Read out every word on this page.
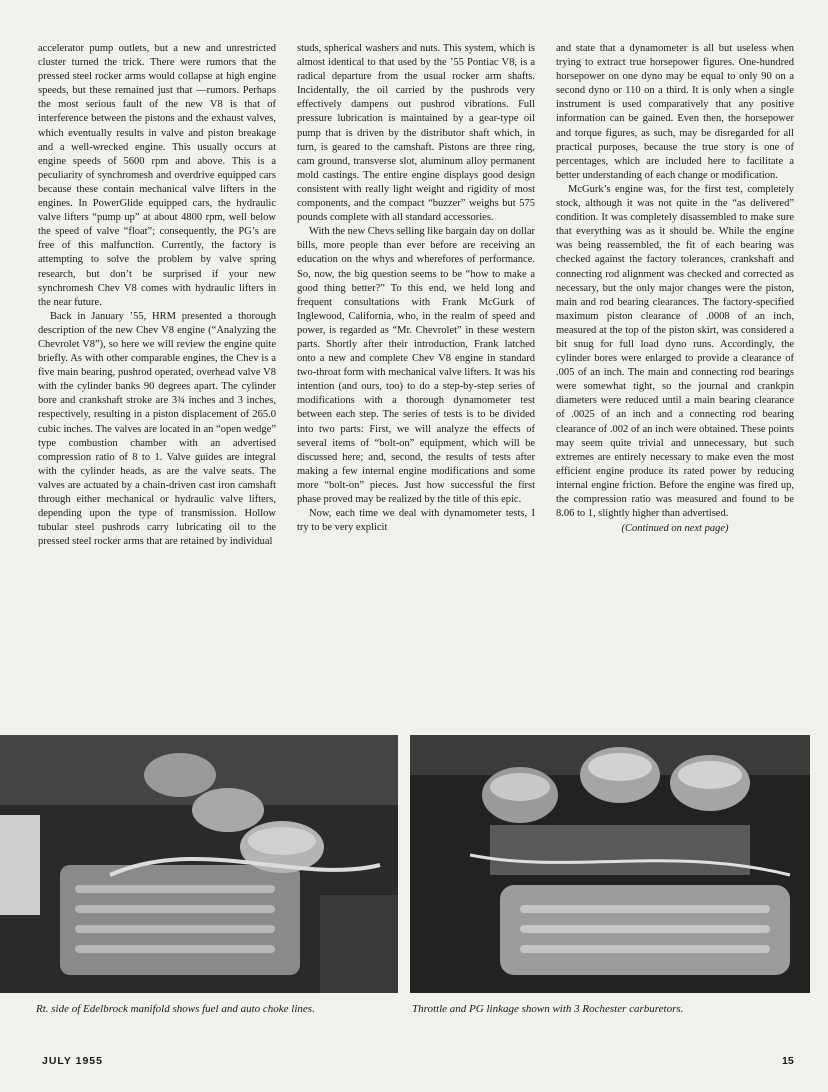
accelerator pump outlets, but a new and unrestricted cluster turned the trick. There were rumors that the pressed steel rocker arms would collapse at high engine speeds, but these remained just that —rumors. Perhaps the most serious fault of the new V8 is that of interference between the pistons and the exhaust valves, which eventually results in valve and piston breakage and a well-wrecked engine. This usually occurs at engine speeds of 5600 rpm and above. This is a peculiarity of synchromesh and overdrive equipped cars because these contain mechanical valve lifters in the engines. In PowerGlide equipped cars, the hydraulic valve lifters “pump up” at about 4800 rpm, well below the speed of valve “float”; consequently, the PG’s are free of this malfunction. Currently, the factory is attempting to solve the problem by valve spring research, but don’t be surprised if your new synchromesh Chev V8 comes with hydraulic lifters in the near future.

Back in January ’55, HRM presented a thorough description of the new Chev V8 engine (“Analyzing the Chevrolet V8”), so here we will review the engine quite briefly. As with other comparable engines, the Chev is a five main bearing, pushrod operated, overhead valve V8 with the cylinder banks 90 degrees apart. The cylinder bore and crankshaft stroke are 3¾ inches and 3 inches, respectively, resulting in a piston displacement of 265.0 cubic inches. The valves are located in an “open wedge” type combustion chamber with an advertised compression ratio of 8 to 1. Valve guides are integral with the cylinder heads, as are the valve seats. The valves are actuated by a chain-driven cast iron camshaft through either mechanical or hydraulic valve lifters, depending upon the type of transmission. Hollow tubular steel pushrods carry lubricating oil to the pressed steel rocker arms that are retained by individual

studs, spherical washers and nuts. This system, which is almost identical to that used by the ’55 Pontiac V8, is a radical departure from the usual rocker arm shafts. Incidentally, the oil carried by the pushrods very effectively dampens out pushrod vibrations. Full pressure lubrication is maintained by a gear-type oil pump that is driven by the distributor shaft which, in turn, is geared to the camshaft. Pistons are three ring, cam ground, transverse slot, aluminum alloy permanent mold castings. The entire engine displays good design consistent with really light weight and rigidity of most components, and the compact “buzzer” weighs but 575 pounds complete with all standard accessories.

With the new Chevs selling like bargain day on dollar bills, more people than ever before are receiving an education on the whys and wherefores of performance. So, now, the big question seems to be “how to make a good thing better?” To this end, we held long and frequent consultations with Frank McGurk of Inglewood, California, who, in the realm of speed and power, is regarded as “Mr. Chevrolet” in these western parts. Shortly after their introduction, Frank latched onto a new and complete Chev V8 engine in standard two-throat form with mechanical valve lifters. It was his intention (and ours, too) to do a step-by-step series of modifications with a thorough dynamometer test between each step. The series of tests is to be divided into two parts: First, we will analyze the effects of several items of “bolt-on” equipment, which will be discussed here; and, second, the results of tests after making a few internal engine modifications and some more “bolt-on” pieces. Just how successful the first phase proved may be realized by the title of this epic.

Now, each time we deal with dynamometer tests, I try to be very explicit

and state that a dynamometer is all but useless when trying to extract true horsepower figures. One-hundred horsepower on one dyno may be equal to only 90 on a second dyno or 110 on a third. It is only when a single instrument is used comparatively that any positive information can be gained. Even then, the horsepower and torque figures, as such, may be disregarded for all practical purposes, because the true story is one of percentages, which are included here to facilitate a better understanding of each change or modification.

McGurk’s engine was, for the first test, completely stock, although it was not quite in the “as delivered” condition. It was completely disassembled to make sure that everything was as it should be. While the engine was being reassembled, the fit of each bearing was checked against the factory tolerances, crankshaft and connecting rod alignment was checked and corrected as necessary, but the only major changes were the piston, main and rod bearing clearances. The factory-specified maximum piston clearance of .0008 of an inch, measured at the top of the piston skirt, was considered a bit snug for full load dyno runs. Accordingly, the cylinder bores were enlarged to provide a clearance of .005 of an inch. The main and connecting rod bearings were somewhat tight, so the journal and crankpin diameters were reduced until a main bearing clearance of .0025 of an inch and a connecting rod bearing clearance of .002 of an inch were obtained. These points may seem quite trivial and unnecessary, but such extremes are entirely necessary to make even the most efficient engine produce its rated power by reducing internal engine friction. Before the engine was fired up, the compression ratio was measured and found to be 8.06 to 1, slightly higher than advertised.

(Continued on next page)

Rt. side of Edelbrock manifold shows fuel and auto choke lines.	Throttle and PG linkage shown with 3 Rochester carburetors.
JULY 1955	15
